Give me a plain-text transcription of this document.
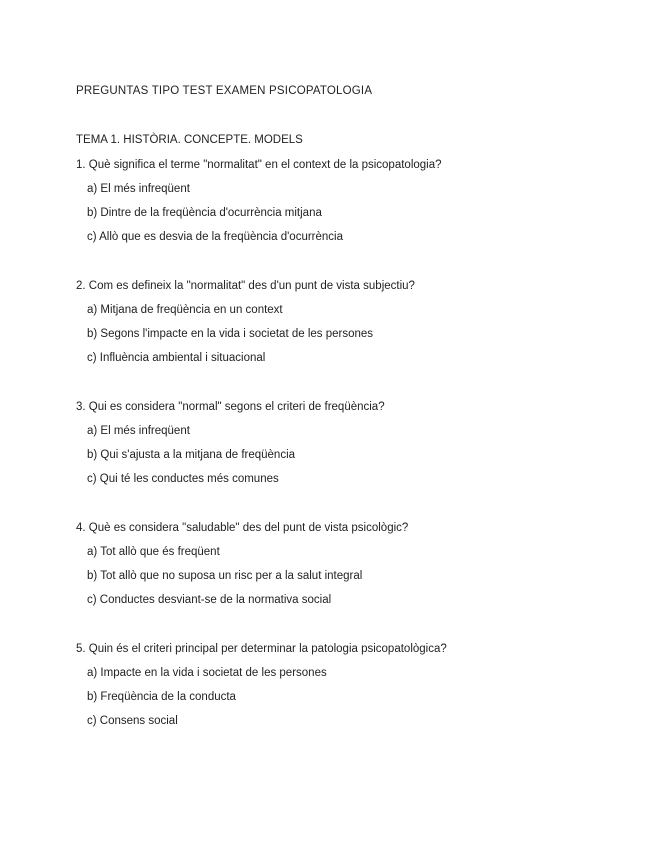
PREGUNTAS TIPO TEST EXAMEN PSICOPATOLOGIA
TEMA 1. HISTÒRIA. CONCEPTE. MODELS
1. Què significa el terme "normalitat" en el context de la psicopatologia?
a) El més infreqüent
b) Dintre de la freqüència d'ocurrència mitjana
c) Allò que es desvia de la freqüència d'ocurrència
2. Com es defineix la "normalitat" des d'un punt de vista subjectiu?
a) Mitjana de freqüència en un context
b) Segons l'impacte en la vida i societat de les persones
c) Influència ambiental i situacional
3. Qui es considera "normal" segons el criteri de freqüència?
a) El més infreqüent
b) Qui s'ajusta a la mitjana de freqüència
c) Qui té les conductes més comunes
4. Què es considera "saludable" des del punt de vista psicològic?
a) Tot allò que és freqüent
b) Tot allò que no suposa un risc per a la salut integral
c) Conductes desviant-se de la normativa social
5. Quin és el criteri principal per determinar la patologia psicopatològica?
a) Impacte en la vida i societat de les persones
b) Freqüència de la conducta
c) Consens social
